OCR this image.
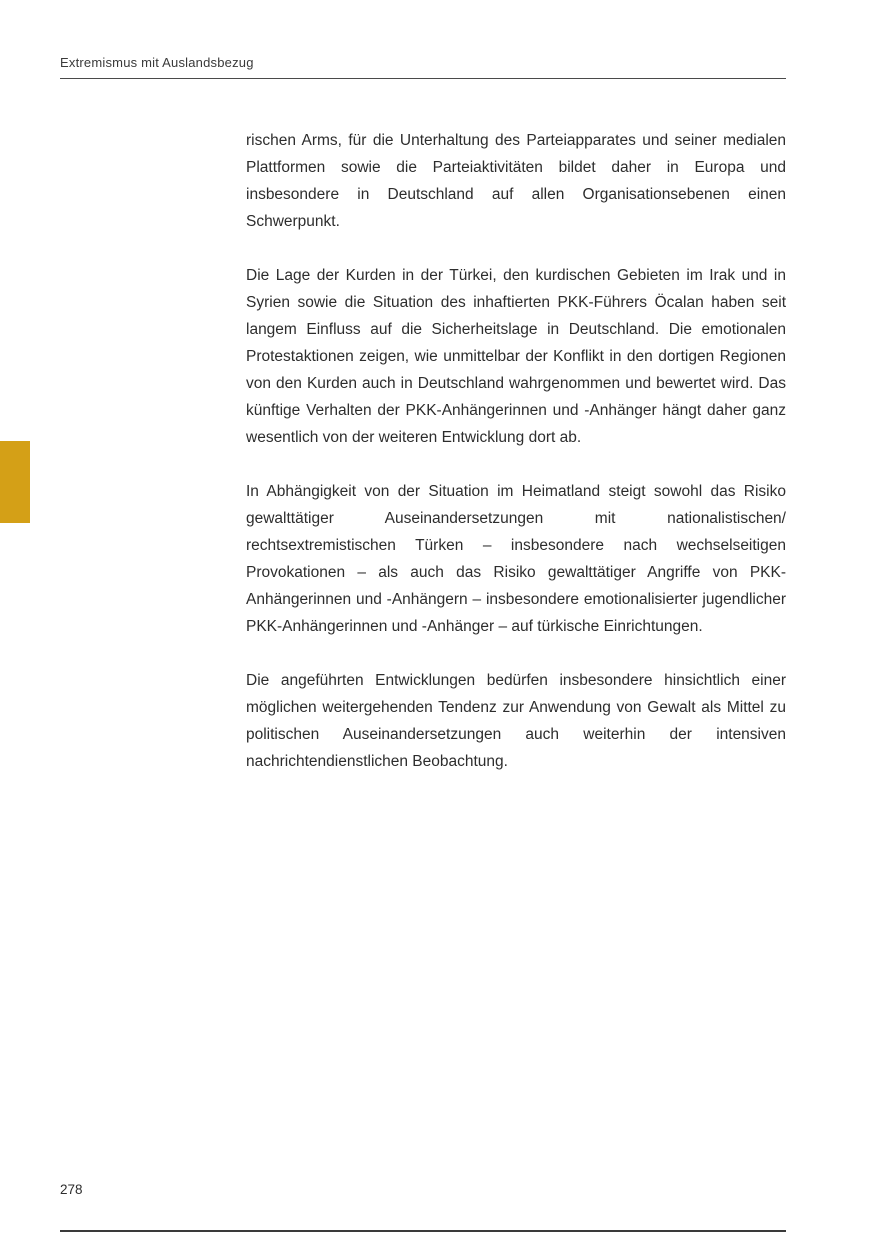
Extremismus mit Auslandsbezug

rischen Arms, für die Unterhaltung des Parteiapparates und seiner medialen Plattformen sowie die Parteiaktivitäten bildet daher in Europa und insbesondere in Deutschland auf allen Organisationsebenen einen Schwerpunkt.

Die Lage der Kurden in der Türkei, den kurdischen Gebieten im Irak und in Syrien sowie die Situation des inhaftierten PKK-Führers Öcalan haben seit langem Einfluss auf die Sicherheitslage in Deutschland. Die emotionalen Protestaktionen zeigen, wie unmittelbar der Konflikt in den dortigen Regionen von den Kurden auch in Deutschland wahrgenommen und bewertet wird. Das künftige Verhalten der PKK-Anhängerinnen und -Anhänger hängt daher ganz wesentlich von der weiteren Entwicklung dort ab.

In Abhängigkeit von der Situation im Heimatland steigt sowohl das Risiko gewalttätiger Auseinandersetzungen mit nationalistischen/ rechtsextremistischen Türken – insbesondere nach wechselseitigen Provokationen – als auch das Risiko gewalttätiger Angriffe von PKK-Anhängerinnen und -Anhängern – insbesondere emotionalisierter jugendlicher PKK-Anhängerinnen und -Anhänger – auf türkische Einrichtungen.

Die angeführten Entwicklungen bedürfen insbesondere hinsichtlich einer möglichen weitergehenden Tendenz zur Anwendung von Gewalt als Mittel zu politischen Auseinandersetzungen auch weiterhin der intensiven nachrichtendienstlichen Beobachtung.

278
